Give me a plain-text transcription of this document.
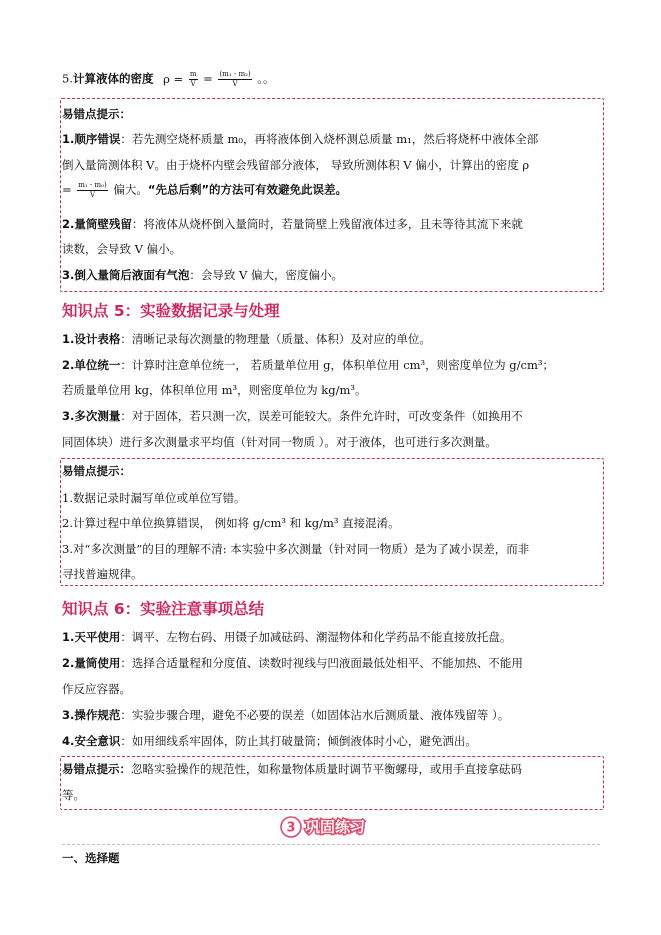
5.计算液体的密度 $\rho = \frac{m}{V} = \frac{\text{(m₁ - m₂)}}{V}$ 。。
易错点提示：
1.顺序错误：若先测空烧杯质量 m₀，再将液体倒入烧杯测总质量 m₁，然后将烧杯中液体全部
倒入量筒测体积 V。由于烧杯内壁会残留部分液体， 导致所测体积 V 偏小，计算出的密度 ρ
= $\frac{\text{m₁ - m₀)}}{V}$ 偏大。“先总后剩”的方法可有效避免此误差。
2.量筒壁残留：将液体从烧杯倒入量筒时，若量筒壁上残留液体过多，且未等待其流下来就
读数，会导致 V 偏小。
3.倒入量筒后液面有气泡：会导致 V 偏大，密度偏小。
知识点 5：实验数据记录与处理
1.设计表格：清晰记录每次测量的物理量（质量、体积）及对应的单位。
2.单位统一：计算时注意单位统一， 若质量单位用 g，体积单位用 cm³，则密度单位为 g/cm³；
若质量单位用 kg，体积单位用 m³，则密度单位为 kg/m³。
3.多次测量：对于固体，若只测一次，误差可能较大。条件允许时，可改变条件（如换用不
同固体块）进行多次测量求平均值（针对同一物质 ）。对于液体，也可进行多次测量。
易错点提示：
1.数据记录时漏写单位或单位写错。
2.计算过程中单位换算错误， 例如将 g/cm³ 和 kg/m³ 直接混淆。
3.对“多次测量”的目的理解不清: 本实验中多次测量（针对同一物质）是为了减小误差，而非
寻找普遍规律。
知识点 6：实验注意事项总结
1.天平使用：调平、左物右码、用镊子加减砝码、潮湿物体和化学药品不能直接放托盘。
2.量筒使用：选择合适量程和分度值、读数时视线与凹液面最低处相平、不能加热、不能用
作反应容器。
3.操作规范：实验步骤合理，避免不必要的误差（如固体沾水后测质量、液体残留等 ）。
4.安全意识：如用细线系牢固体，防止其打破量筒；倾倒液体时小心，避免洒出。
易错点提示：忽略实验操作的规范性，如称量物体质量时调节平衡螺母，或用手直接拿砝码
等。
3 巩固练习
一、选择题
